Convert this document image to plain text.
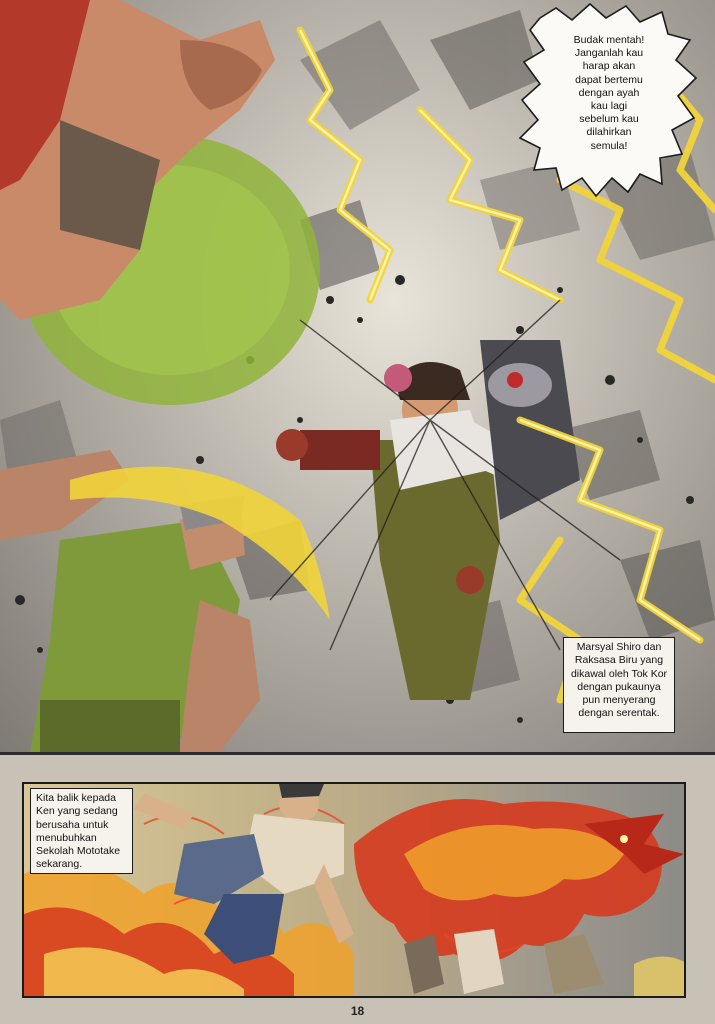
Budak mentah!
Janganlah kau
harap akan
dapat bertemu
dengan ayah
kau lagi
sebelum kau
dilahirkan
semula!
Marsyal Shiro dan
Raksasa Biru yang
dikawal oleh Tok Kor
dengan pukaunya
pun menyerang
dengan serentak.
Kita balik kepada
Ken yang sedang
berusaha untuk
menubuhkan
Sekolah Mototake
sekarang.
18
